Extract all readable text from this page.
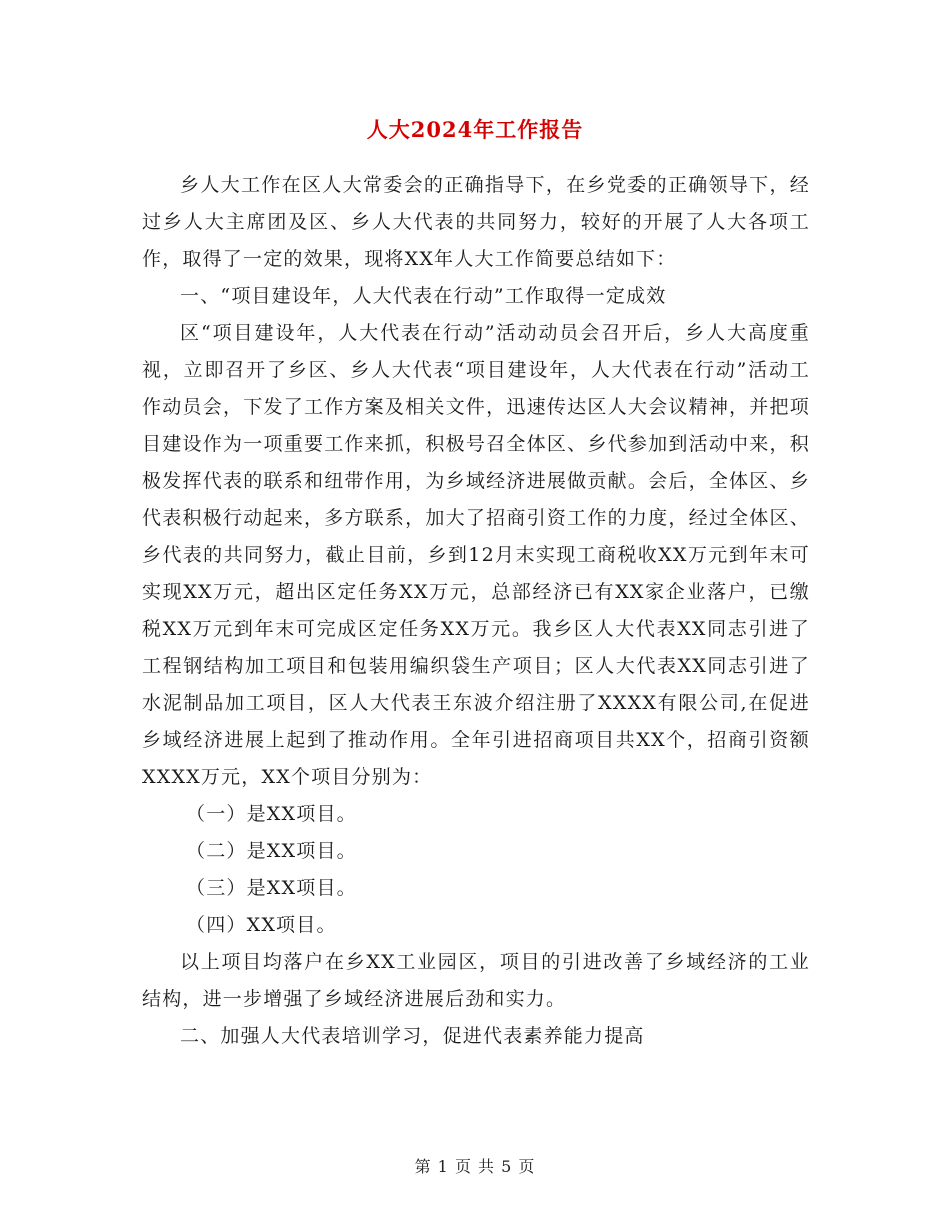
人大2024年工作报告

乡人大工作在区人大常委会的正确指导下，在乡党委的正确领导下，经过乡人大主席团及区、乡人大代表的共同努力，较好的开展了人大各项工作，取得了一定的效果，现将XX年人大工作简要总结如下：

一、“项目建设年，人大代表在行动”工作取得一定成效

区“项目建设年，人大代表在行动”活动动员会召开后，乡人大高度重视，立即召开了乡区、乡人大代表“项目建设年，人大代表在行动”活动工作动员会，下发了工作方案及相关文件，迅速传达区人大会议精神，并把项目建设作为一项重要工作来抓，积极号召全体区、乡代参加到活动中来，积极发挥代表的联系和纽带作用，为乡域经济进展做贡献。会后，全体区、乡代表积极行动起来，多方联系，加大了招商引资工作的力度，经过全体区、乡代表的共同努力，截止目前，乡到12月末实现工商税收XX万元到年末可实现XX万元，超出区定任务XX万元，总部经济已有XX家企业落户，已缴税XX万元到年末可完成区定任务XX万元。我乡区人大代表XX同志引进了工程钢结构加工项目和包装用编织袋生产项目；区人大代表XX同志引进了水泥制品加工项目，区人大代表王东波介绍注册了XXXX有限公司,在促进乡域经济进展上起到了推动作用。全年引进招商项目共XX个，招商引资额XXXX万元，XX个项目分别为：

（一）是XX项目。

（二）是XX项目。

（三）是XX项目。

（四）XX项目。

以上项目均落户在乡XX工业园区，项目的引进改善了乡域经济的工业结构，进一步增强了乡域经济进展后劲和实力。

二、加强人大代表培训学习，促进代表素养能力提高

第 1 页 共 5 页
